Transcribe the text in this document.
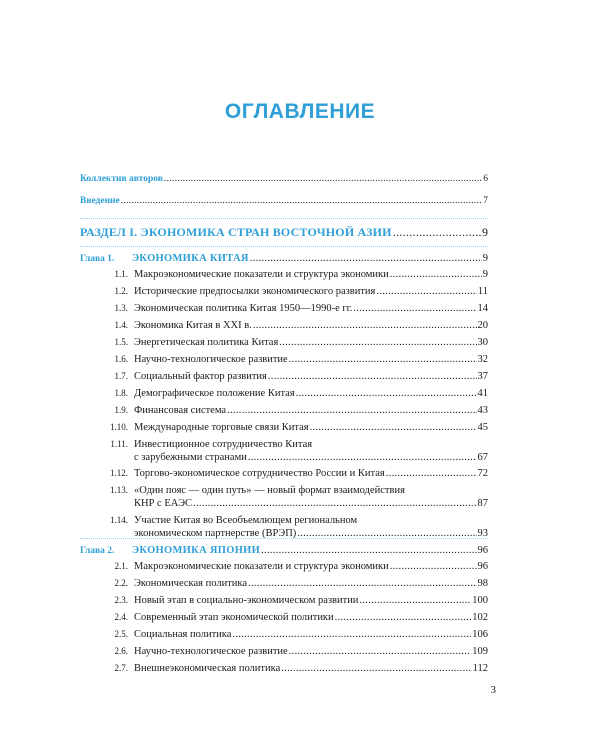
ОГЛАВЛЕНИЕ
Коллектив авторов .....	6
Введение .....	7
РАЗДЕЛ I. ЭКОНОМИКА СТРАН ВОСТОЧНОЙ АЗИИ .....	9
Глава 1.	ЭКОНОМИКА КИТАЯ .....	9
1.1. Макроэкономические показатели и структура экономики .....	9
1.2. Исторические предпосылки экономического развития .....	11
1.3. Экономическая политика Китая 1950—1990-е гг. .....	14
1.4. Экономика Китая в XXI в. .....	20
1.5. Энергетическая политика Китая .....	30
1.6. Научно-технологическое развитие .....	32
1.7. Социальный фактор развития .....	37
1.8. Демографическое положение Китая .....	41
1.9. Финансовая система .....	43
1.10. Международные торговые связи Китая .....	45
1.11. Инвестиционное сотрудничество Китая
с зарубежными странами .....	67
1.12. Торгово-экономическое сотрудничество России и Китая .....	72
1.13. «Один пояс — один путь» — новый формат взаимодействия
КНР с ЕАЭС .....	87
1.14. Участие Китая во Всеобъемлющем региональном
экономическом партнерстве (ВРЭП) .....	93
Глава 2.	ЭКОНОМИКА ЯПОНИИ .....	96
2.1. Макроэкономические показатели и структура экономики .....	96
2.2. Экономическая политика .....	98
2.3. Новый этап в социально-экономическом развитии .....	100
2.4. Современный этап экономической политики .....	102
2.5. Социальная политика .....	106
2.6. Научно-технологическое развитие .....	109
2.7. Внешнеэкономическая политика .....	112
3
